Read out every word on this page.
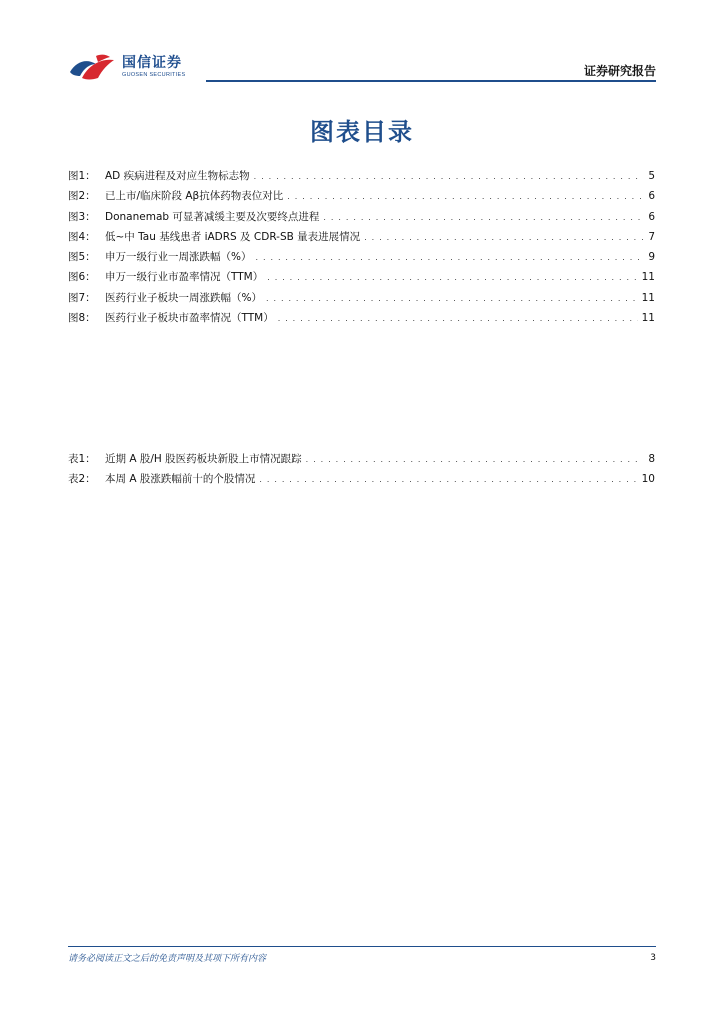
国信证券
GUOSEN SECURITIES	证券研究报告
图表目录
图1： AD 疾病进程及对应生物标志物 . . .	5
图2： 已上市/临床阶段 Aβ抗体药物表位对比 . . .	6
图3： Donanemab 可显著减缓主要及次要终点进程 . . .	6
图4： 低~中 Tau 基线患者 iADRS 及 CDR-SB 量表进展情况 . . .	7
图5： 申万一级行业一周涨跌幅（%） . . .	9
图6： 申万一级行业市盈率情况（TTM） . . .	11
图7： 医药行业子板块一周涨跌幅（%） . . .	11
图8： 医药行业子板块市盈率情况（TTM） . . .	11
表1： 近期 A 股/H 股医药板块新股上市情况跟踪 . . .	8
表2： 本周 A 股涨跌幅前十的个股情况 . . .	10
请务必阅读正文之后的免责声明及其项下所有内容	3
